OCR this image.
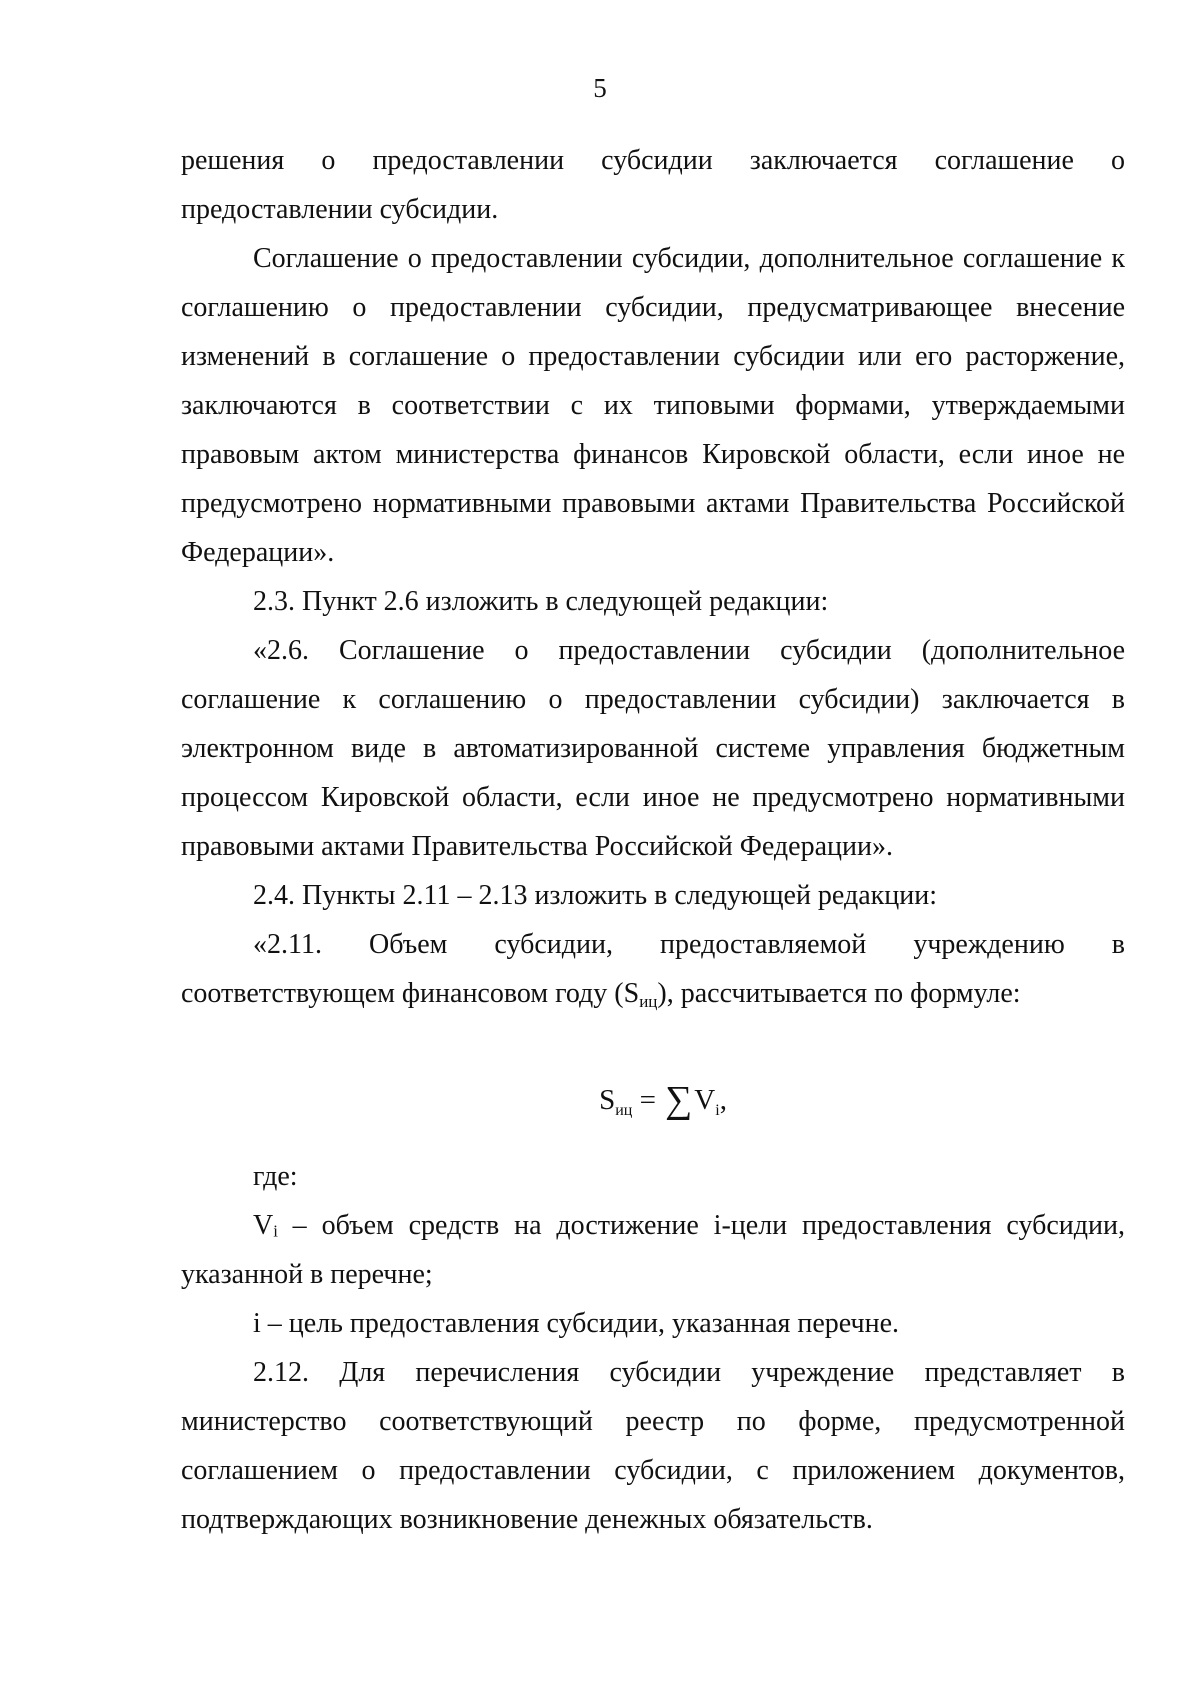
5

решения о предоставлении субсидии заключается соглашение о предоставлении субсидии.

Соглашение о предоставлении субсидии, дополнительное соглашение к соглашению о предоставлении субсидии, предусматривающее внесение изменений в соглашение о предоставлении субсидии или его расторжение, заключаются в соответствии с их типовыми формами, утверждаемыми правовым актом министерства финансов Кировской области, если иное не предусмотрено нормативными правовыми актами Правительства Российской Федерации».

2.3. Пункт 2.6 изложить в следующей редакции:

«2.6. Соглашение о предоставлении субсидии (дополнительное соглашение к соглашению о предоставлении субсидии) заключается в электронном виде в автоматизированной системе управления бюджетным процессом Кировской области, если иное не предусмотрено нормативными правовыми актами Правительства Российской Федерации».

2.4. Пункты 2.11 – 2.13 изложить в следующей редакции:

«2.11. Объем субсидии, предоставляемой учреждению в соответствующем финансовом году $(S_{иц})$, рассчитывается по формуле:

$S_{иц} = \sum V_i$,

где:

Vᵢ – объем средств на достижение i-цели предоставления субсидии, указанной в перечне;

i – цель предоставления субсидии, указанная перечне.

2.12. Для перечисления субсидии учреждение представляет в министерство соответствующий реестр по форме, предусмотренной соглашением о предоставлении субсидии, с приложением документов, подтверждающих возникновение денежных обязательств.
